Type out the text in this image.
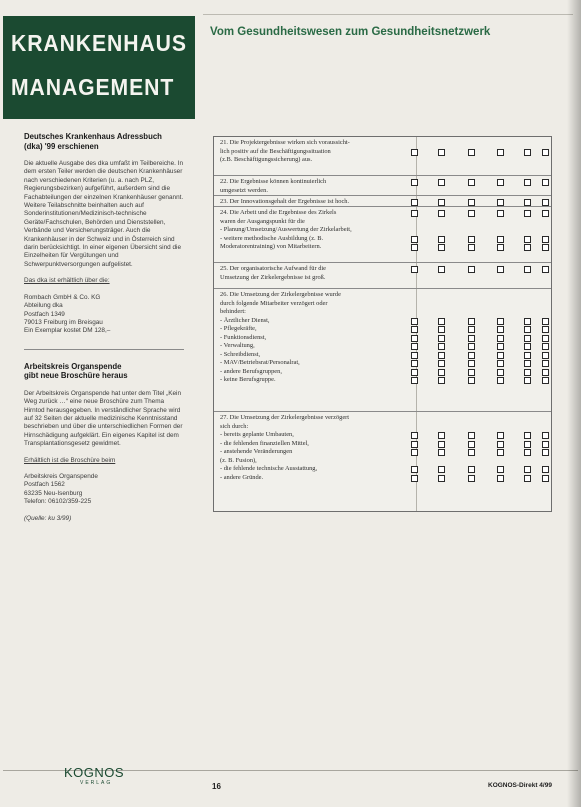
KRANKENHAUS
MANAGEMENT
Vom Gesundheitswesen zum Gesundheitsnetzwerk
Deutsches Krankenhaus Adressbuch
(dka) '99 erschienen

Die aktuelle Ausgabe des dka umfaßt im Teilbereiche. In dem ersten Teiler werden die deutschen Krankenhäuser nach verschiedenen Kriterien (u. a. nach PLZ, Regierungsbezirken) aufgeführt, außerdem sind die Fachabteilungen der einzelnen Krankenhäuser genannt. Weitere Teilabschnitte beinhalten auch auf Sonderinstitutionen/Medizinisch-technische Geräte/Fachschulen, Behörden und Dienststellen, Verbände und Versicherungsträger. Auch die Krankenhäuser in der Schweiz und in Österreich sind darin berücksichtigt. In einer eigenen Übersicht sind die Einzelheiten für Vergütungen und Schwerpunktversorgungen aufgelistet.

Das dka ist erhältlich über die:

Rombach GmbH & Co. KG
Abteilung dka
Postfach 1349
79013 Freiburg im Breisgau
Ein Exemplar kostet DM 128,–
Arbeitskreis Organspende
gibt neue Broschüre heraus

Der Arbeitskreis Organspende hat unter dem Titel „Kein Weg zurück …“ eine neue Broschüre zum Thema Hirntod herausgegeben. In verständlicher Sprache wird auf 32 Seiten der aktuelle medizinische Kenntnisstand beschrieben und über die unterschiedlichen Formen der Hirnschädigung aufgeklärt. Ein eigenes Kapitel ist dem Transplantationsgesetz gewidmet.

Erhältlich ist die Broschüre beim

Arbeitskreis Organspende
Postfach 1562
63235 Neu-Isenburg
Telefon: 06102/359-225
(Quelle: ku 3/99)
21. Die Projektergebnisse wirken sich voraussicht-
lich positiv auf die Beschäftigungssituation
(z.B. Beschäftigungssicherung) aus.
22. Die Ergebnisse können kontinuierlich
umgesetzt werden.
23. Der Innovationsgehalt der Ergebnisse ist hoch.
24. Die Arbeit und die Ergebnisse des Zirkels
waren der Ausgangspunkt für die
- Planung/Umsetzung/Auswertung der Zirkelarbeit,
- weitere methodische Ausbildung (z. B.
Moderatorentraining) von Mitarbeitern.
25. Der organisatorische Aufwand für die
Umsetzung der Zirkelergebnisse ist groß.
26. Die Umsetzung der Zirkelergebnisse wurde
durch folgende Mitarbeiter verzögert oder
behindert:
- Ärztlicher Dienst,
- Pflegekräfte,
- Funktionsdienst,
- Verwaltung,
- Schreibdienst,
- MAV/Betriebsrat/Personalrat,
- andere Berufsgruppen,
- keine Berufsgruppe.
27. Die Umsetzung der Zirkelergebnisse verzögert
sich durch:
- bereits geplante Umbauten,
- die fehlenden finanziellen Mittel,
- anstehende Veränderungen
(z. B. Fusion),
- die fehlende technische Ausstattung,
- andere Gründe.
KOGNOS
VERLAG	16	KOGNOS-Direkt 4/99
